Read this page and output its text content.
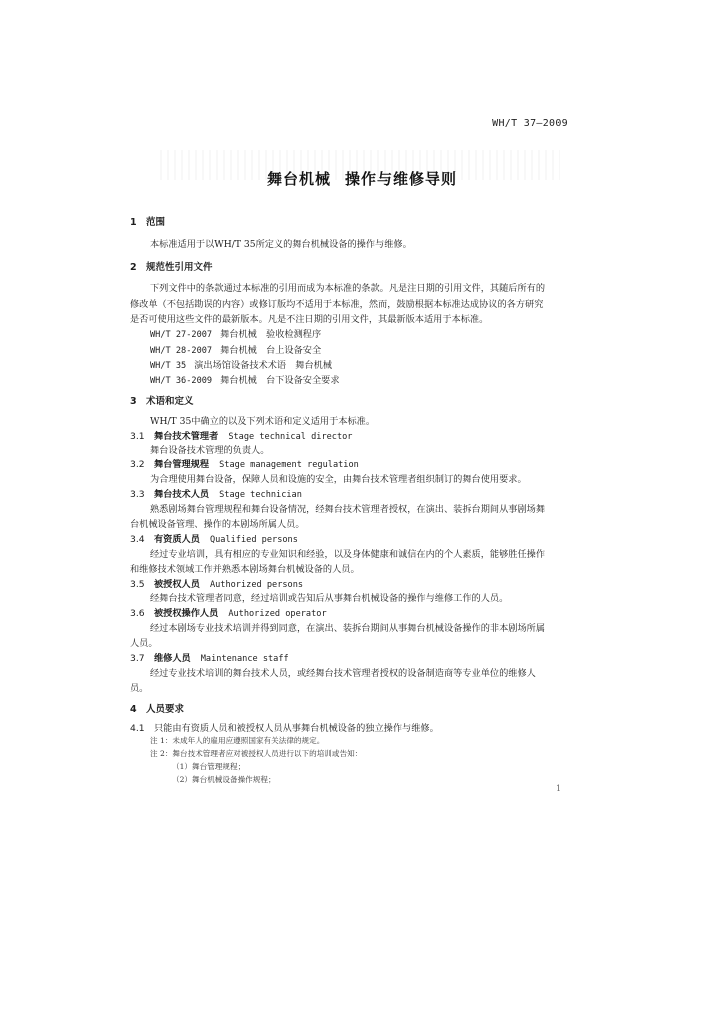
WH/T 37—2009
舞台机械 操作与维修导则
1 范围
本标准适用于以WH/T 35所定义的舞台机械设备的操作与维修。
2 规范性引用文件
下列文件中的条款通过本标准的引用而成为本标准的条款。凡是注日期的引用文件，其随后所有的
修改单（不包括勘误的内容）或修订版均不适用于本标准，然而，鼓励根据本标准达成协议的各方研究
是否可使用这些文件的最新版本。凡是不注日期的引用文件，其最新版本适用于本标准。
WH/T 27-2007 舞台机械　验收检测程序
WH/T 28-2007 舞台机械　台上设备安全
WH/T 35 演出场馆设备技术术语　舞台机械
WH/T 36-2009 舞台机械　台下设备安全要求
3 术语和定义
WH/T 35中确立的以及下列术语和定义适用于本标准。
3.1 舞台技术管理者 Stage technical director
舞台设备技术管理的负责人。
3.2 舞台管理规程 Stage management regulation
为合理使用舞台设备，保障人员和设施的安全，由舞台技术管理者组织制订的舞台使用要求。
3.3 舞台技术人员 Stage technician
熟悉剧场舞台管理规程和舞台设备情况，经舞台技术管理者授权，在演出、装拆台期间从事剧场舞
台机械设备管理、操作的本剧场所属人员。
3.4 有资质人员 Qualified persons
经过专业培训，具有相应的专业知识和经验，以及身体健康和诚信在内的个人素质，能够胜任操作
和维修技术领域工作并熟悉本剧场舞台机械设备的人员。
3.5 被授权人员 Authorized persons
经舞台技术管理者同意，经过培训或告知后从事舞台机械设备的操作与维修工作的人员。
3.6 被授权操作人员 Authorized operator
经过本剧场专业技术培训并得到同意，在演出、装拆台期间从事舞台机械设备操作的非本剧场所属
人员。
3.7 维修人员 Maintenance staff
经过专业技术培训的舞台技术人员，或经舞台技术管理者授权的设备制造商等专业单位的维修人
员。
4 人员要求
4.1 只能由有资质人员和被授权人员从事舞台机械设备的独立操作与维修。
注 1：未成年人的雇用应遵照国家有关法律的规定。
注 2：舞台技术管理者应对被授权人员进行以下的培训或告知：
（1）舞台管理规程；
（2）舞台机械设备操作规程；
1
